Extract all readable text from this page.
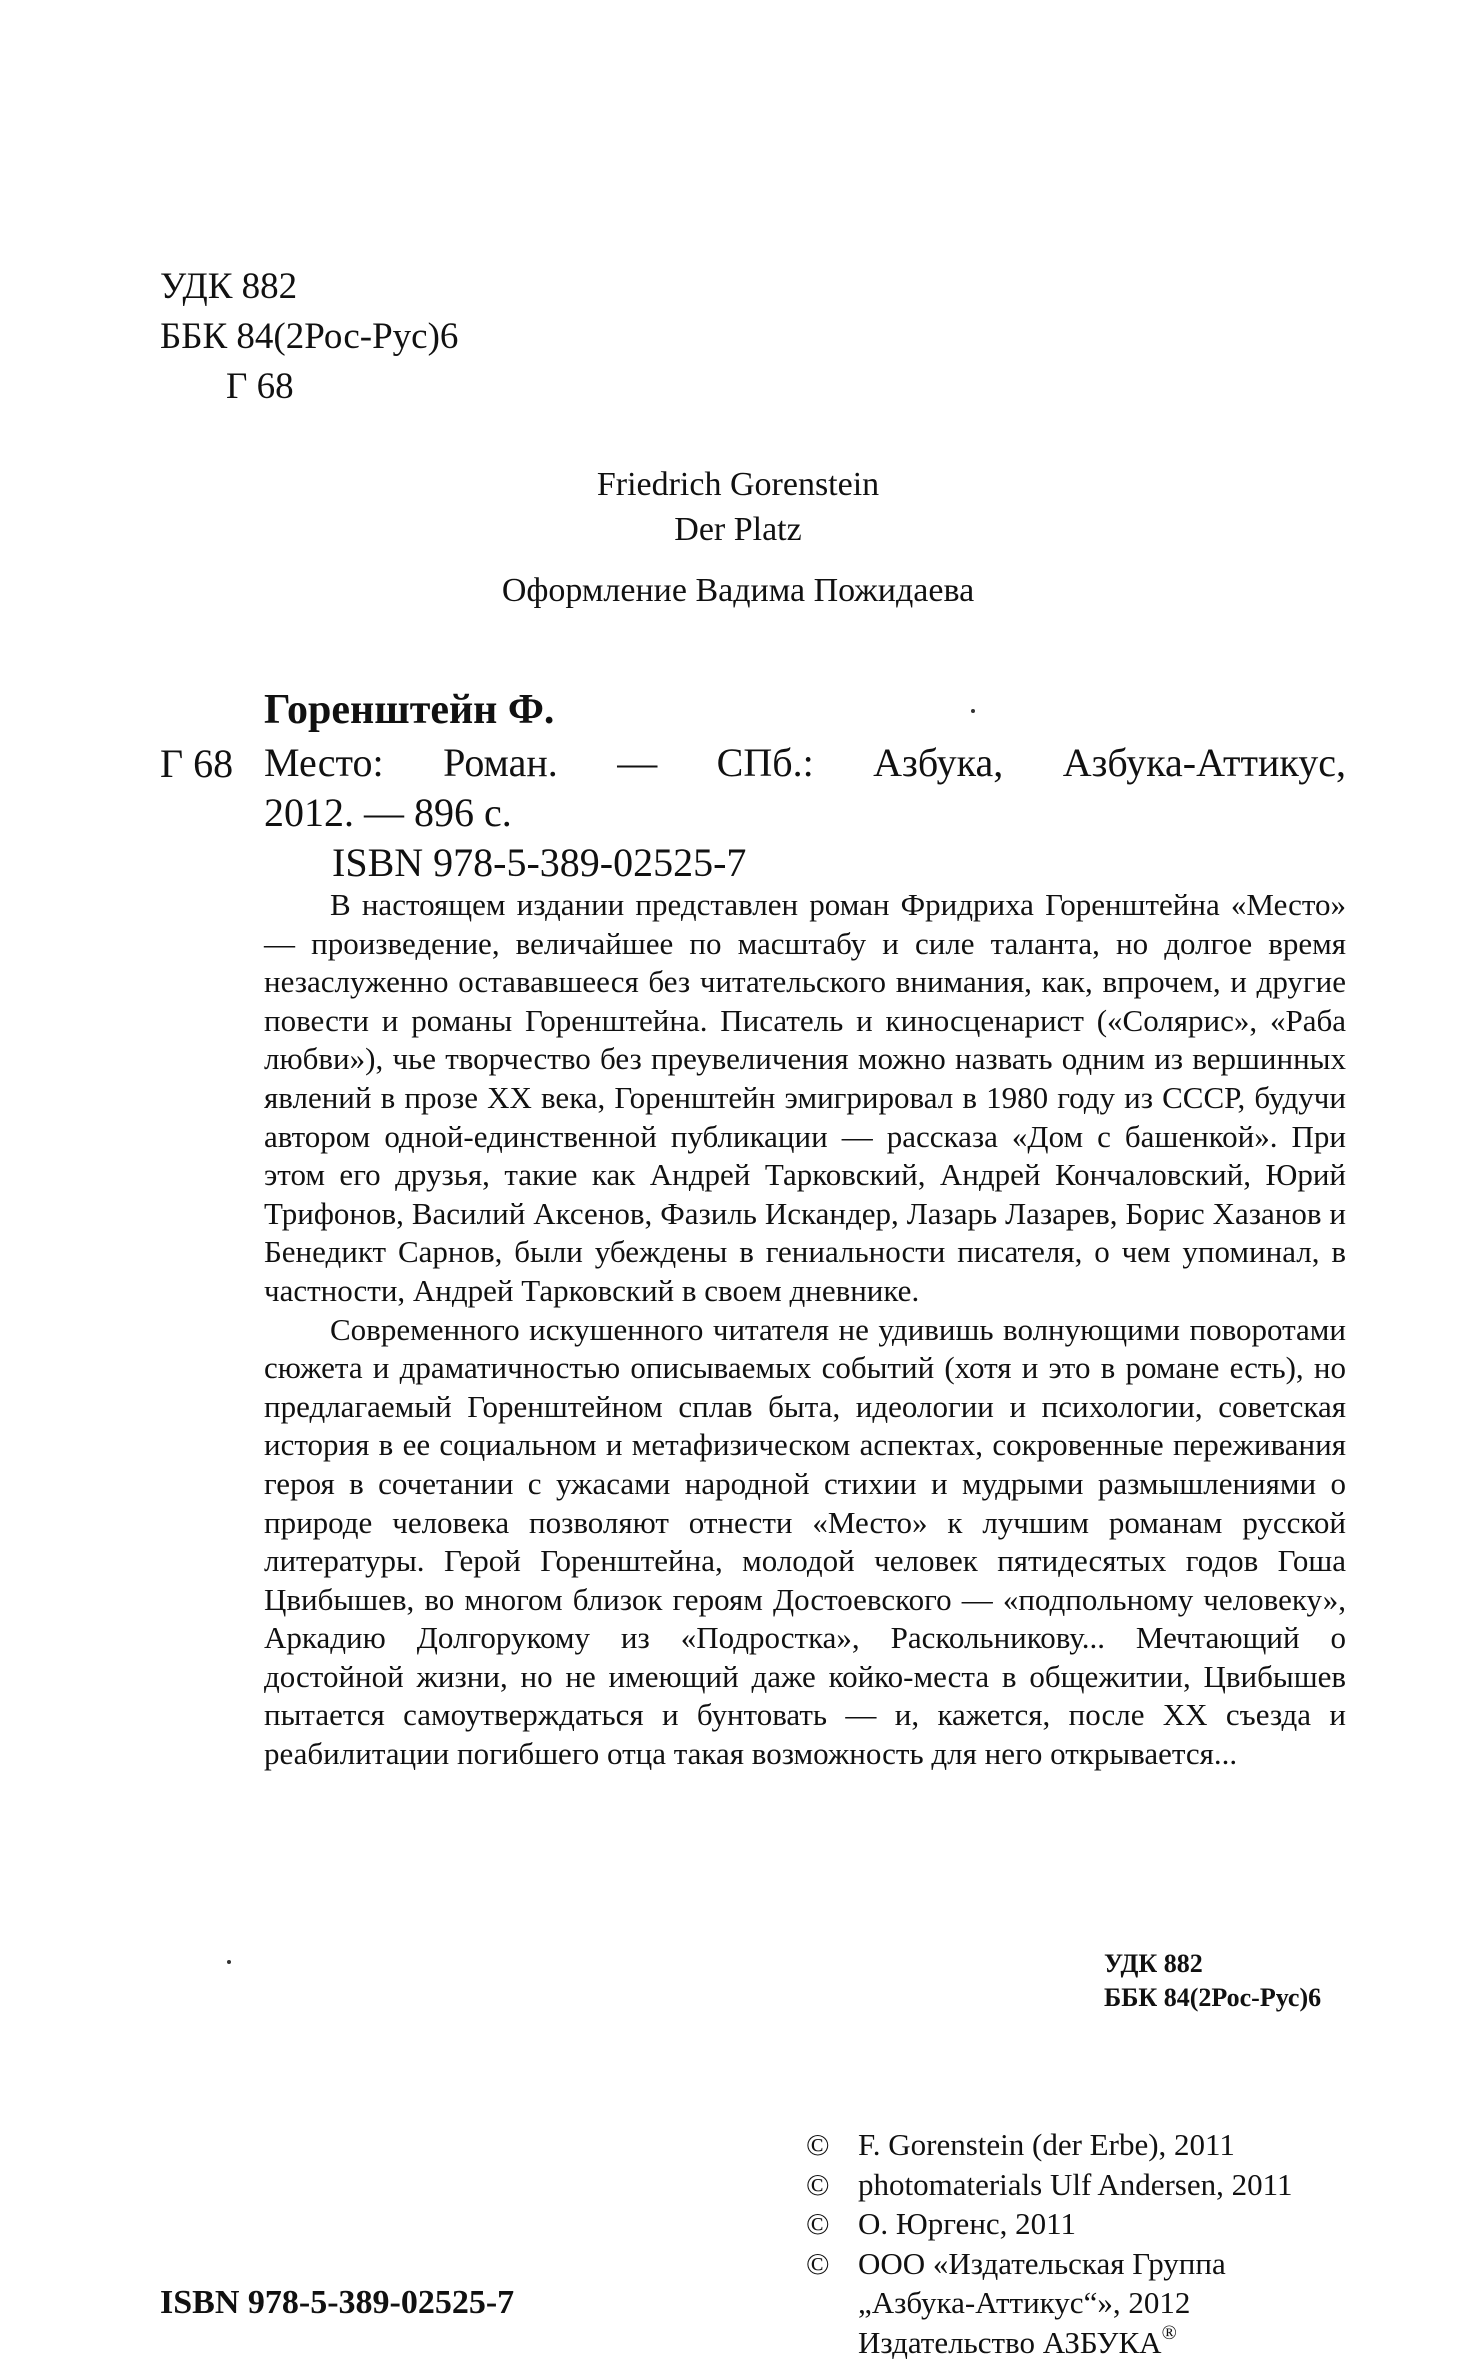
УДК 882
ББК 84(2Рос-Рус)6
Г 68
Friedrich Gorenstein
Der Platz
Оформление Вадима Пожидаева
Горенштейн Ф.
Г 68 Место: Роман. — СПб.: Азбука, Азбука-Аттикус,
2012. — 896 с.
ISBN 978-5-389-02525-7

В настоящем издании представлен роман Фридриха Горенштейна «Место» — произведение, величайшее по масштабу и силе таланта, но долгое время незаслуженно остававшееся без читательского внимания, как, впрочем, и другие повести и романы Горенштейна. Писатель и киносценарист («Солярис», «Раба любви»), чье творчество без преувеличения можно назвать одним из вершинных явлений в прозе XX века, Горенштейн эмигрировал в 1980 году из СССР, будучи автором одной-единственной публикации — рассказа «Дом с башенкой». При этом его друзья, такие как Андрей Тарковский, Андрей Кончаловский, Юрий Трифонов, Василий Аксенов, Фазиль Искандер, Лазарь Лазарев, Борис Хазанов и Бенедикт Сарнов, были убеждены в гениальности писателя, о чем упоминал, в частности, Андрей Тарковский в своем дневнике.

Современного искушенного читателя не удивишь волнующими поворотами сюжета и драматичностью описываемых событий (хотя и это в романе есть), но предлагаемый Горенштейном сплав быта, идеологии и психологии, советская история в ее социальном и метафизическом аспектах, сокровенные переживания героя в сочетании с ужасами народной стихии и мудрыми размышлениями о природе человека позволяют отнести «Место» к лучшим романам русской литературы. Герой Горенштейна, молодой человек пятидесятых годов Гоша Цвибышев, во многом близок героям Достоевского — «подпольному человеку», Аркадию Долгорукому из «Подростка», Раскольникову... Мечтающий о достойной жизни, но не имеющий даже койко-места в общежитии, Цвибышев пытается самоутверждаться и бунтовать — и, кажется, после XX съезда и реабилитации погибшего отца такая возможность для него открывается...

УДК 882
ББК 84(2Рос-Рус)6
© F. Gorenstein (der Erbe), 2011
© photomaterials Ulf Andersen, 2011
© О. Юргенс, 2011
© ООО «Издательская Группа
„Азбука-Аттикус“», 2012
Издательство АЗБУКА®
ISBN 978-5-389-02525-7
